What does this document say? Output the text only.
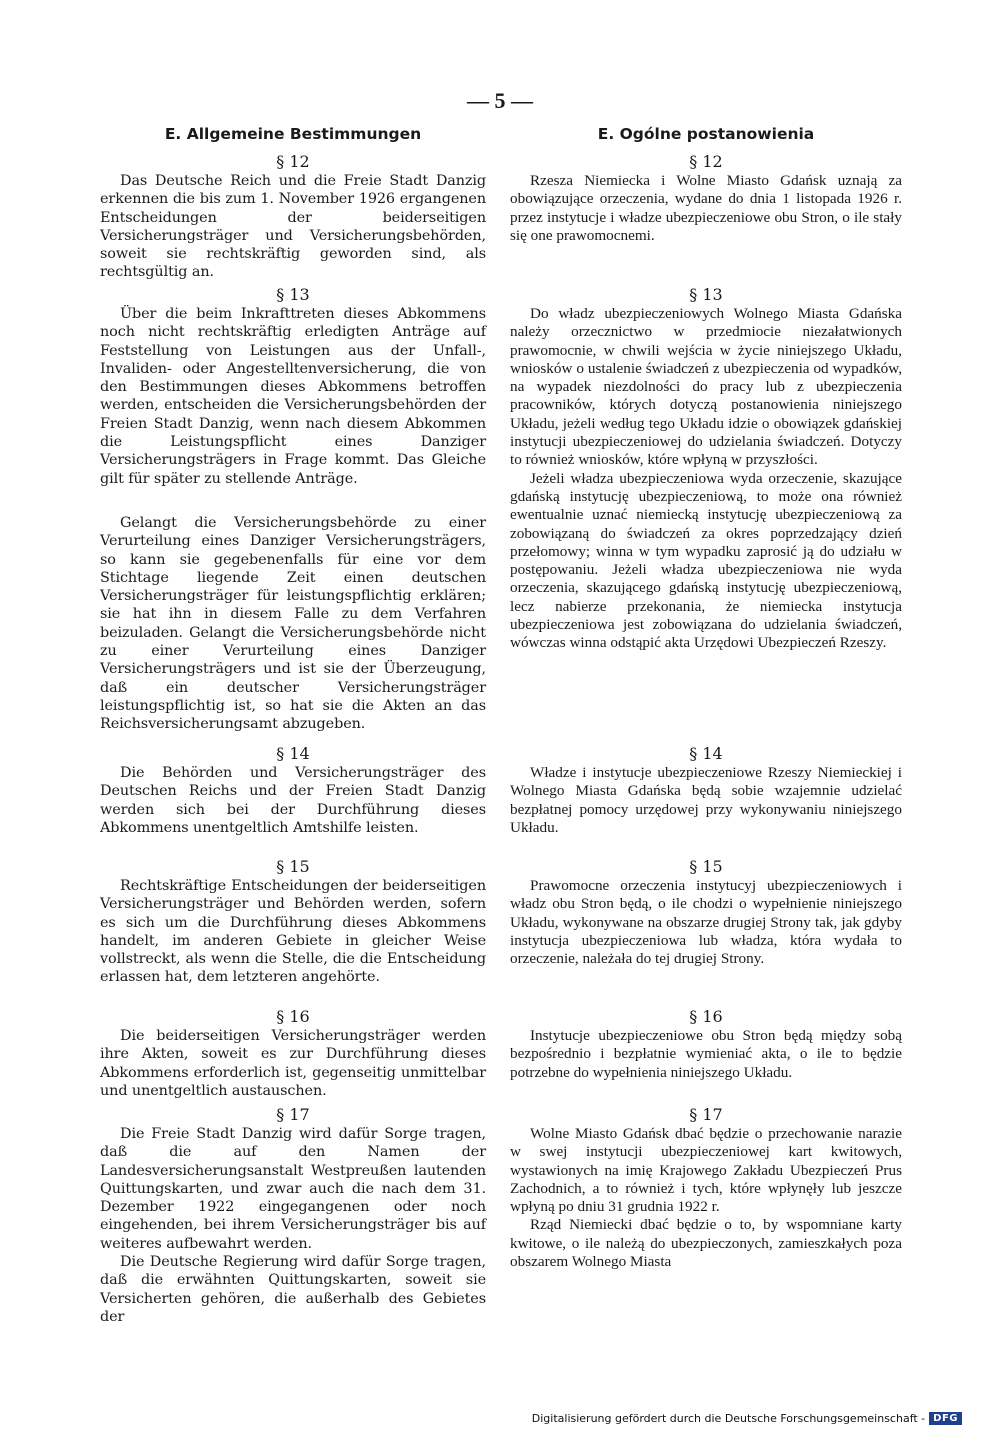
— 5 —
E. Allgemeine Bestimmungen
§ 12

Das Deutsche Reich und die Freie Stadt Danzig erkennen die bis zum 1. November 1926 ergangenen Entscheidungen der beiderseitigen Versicherungsträger und Versicherungsbehörden, soweit sie rechtskräftig geworden sind, als rechtsgültig an.

§ 13

Über die beim Inkrafttreten dieses Abkommens noch nicht rechtskräftig erledigten Anträge auf Feststellung von Leistungen aus der Unfall-, Invaliden- oder Angestelltenversicherung, die von den Bestimmungen dieses Abkommens betroffen werden, entscheiden die Versicherungsbehörden der Freien Stadt Danzig, wenn nach diesem Abkommen die Leistungspflicht eines Danziger Versicherungsträgers in Frage kommt. Das Gleiche gilt für später zu stellende Anträge.

Gelangt die Versicherungsbehörde zu einer Verurteilung eines Danziger Versicherungsträgers, so kann sie gegebenenfalls für eine vor dem Stichtage liegende Zeit einen deutschen Versicherungsträger für leistungspflichtig erklären; sie hat ihn in diesem Falle zu dem Verfahren beizuladen. Gelangt die Versicherungsbehörde nicht zu einer Verurteilung eines Danziger Versicherungsträgers und ist sie der Überzeugung, daß ein deutscher Versicherungsträger leistungspflichtig ist, so hat sie die Akten an das Reichsversicherungsamt abzugeben.

§ 14

Die Behörden und Versicherungsträger des Deutschen Reichs und der Freien Stadt Danzig werden sich bei der Durchführung dieses Abkommens unentgeltlich Amtshilfe leisten.

§ 15

Rechtskräftige Entscheidungen der beiderseitigen Versicherungsträger und Behörden werden, sofern es sich um die Durchführung dieses Abkommens handelt, im anderen Gebiete in gleicher Weise vollstreckt, als wenn die Stelle, die die Entscheidung erlassen hat, dem letzteren angehörte.

§ 16

Die beiderseitigen Versicherungsträger werden ihre Akten, soweit es zur Durchführung dieses Abkommens erforderlich ist, gegenseitig unmittelbar und unentgeltlich austauschen.

§ 17

Die Freie Stadt Danzig wird dafür Sorge tragen, daß die auf den Namen der Landesversicherungsanstalt Westpreußen lautenden Quittungskarten, und zwar auch die nach dem 31. Dezember 1922 eingegangenen oder noch eingehenden, bei ihrem Versicherungsträger bis auf weiteres aufbewahrt werden.

Die Deutsche Regierung wird dafür Sorge tragen, daß die erwähnten Quittungskarten, soweit sie Versicherten gehören, die außerhalb des Gebietes der

E. Ogólne postanowienia
§ 12

Rzesza Niemiecka i Wolne Miasto Gdańsk uznają za obowiązujące orzeczenia, wydane do dnia 1 listopada 1926 r. przez instytucje i władze ubezpieczeniowe obu Stron, o ile stały się one prawomocnemi.

§ 13

Do władz ubezpieczeniowych Wolnego Miasta Gdańska należy orzecznictwo w przedmiocie niezałatwionych prawomocnie, w chwili wejścia w życie niniejszego Układu, wniosków o ustalenie świadczeń z ubezpieczenia od wypadków, na wypadek niezdolności do pracy lub z ubezpieczenia pracowników, których dotyczą postanowienia niniejszego Układu, jeżeli według tego Układu idzie o obowiązek gdańskiej instytucji ubezpieczeniowej do udzielania świadczeń. Dotyczy to również wniosków, które wpłyną w przyszłości.

Jeżeli władza ubezpieczeniowa wyda orzeczenie, skazujące gdańską instytucję ubezpieczeniową, to może ona również ewentualnie uznać niemiecką instytucję ubezpieczeniową za zobowiązaną do świadczeń za okres poprzedzający dzień przełomowy; winna w tym wypadku zaprosić ją do udziału w postępowaniu. Jeżeli władza ubezpieczeniowa nie wyda orzeczenia, skazującego gdańską instytucję ubezpieczeniową, lecz nabierze przekonania, że niemiecka instytucja ubezpieczeniowa jest zobowiązana do udzielania świadczeń, wówczas winna odstąpić akta Urzędowi Ubezpieczeń Rzeszy.

§ 14

Władze i instytucje ubezpieczeniowe Rzeszy Niemieckiej i Wolnego Miasta Gdańska będą sobie wzajemnie udzielać bezpłatnej pomocy urzędowej przy wykonywaniu niniejszego Układu.

§ 15

Prawomocne orzeczenia instytucyj ubezpieczeniowych i władz obu Stron będą, o ile chodzi o wypełnienie niniejszego Układu, wykonywane na obszarze drugiej Strony tak, jak gdyby instytucja ubezpieczeniowa lub władza, która wydała to orzeczenie, należała do tej drugiej Strony.

§ 16

Instytucje ubezpieczeniowe obu Stron będą między sobą bezpośrednio i bezpłatnie wymieniać akta, o ile to będzie potrzebne do wypełnienia niniejszego Układu.

§ 17

Wolne Miasto Gdańsk dbać będzie o przechowanie narazie w swej instytucji ubezpieczeniowej kart kwitowych, wystawionych na imię Krajowego Zakładu Ubezpieczeń Prus Zachodnich, a to również i tych, które wpłynęły lub jeszcze wpłyną po dniu 31 grudnia 1922 r.

Rząd Niemiecki dbać będzie o to, by wspomniane karty kwitowe, o ile należą do ubezpieczonych, zamieszkałych poza obszarem Wolnego Miasta

Digitalisierung gefördert durch die Deutsche Forschungsgemeinschaft - DFG
